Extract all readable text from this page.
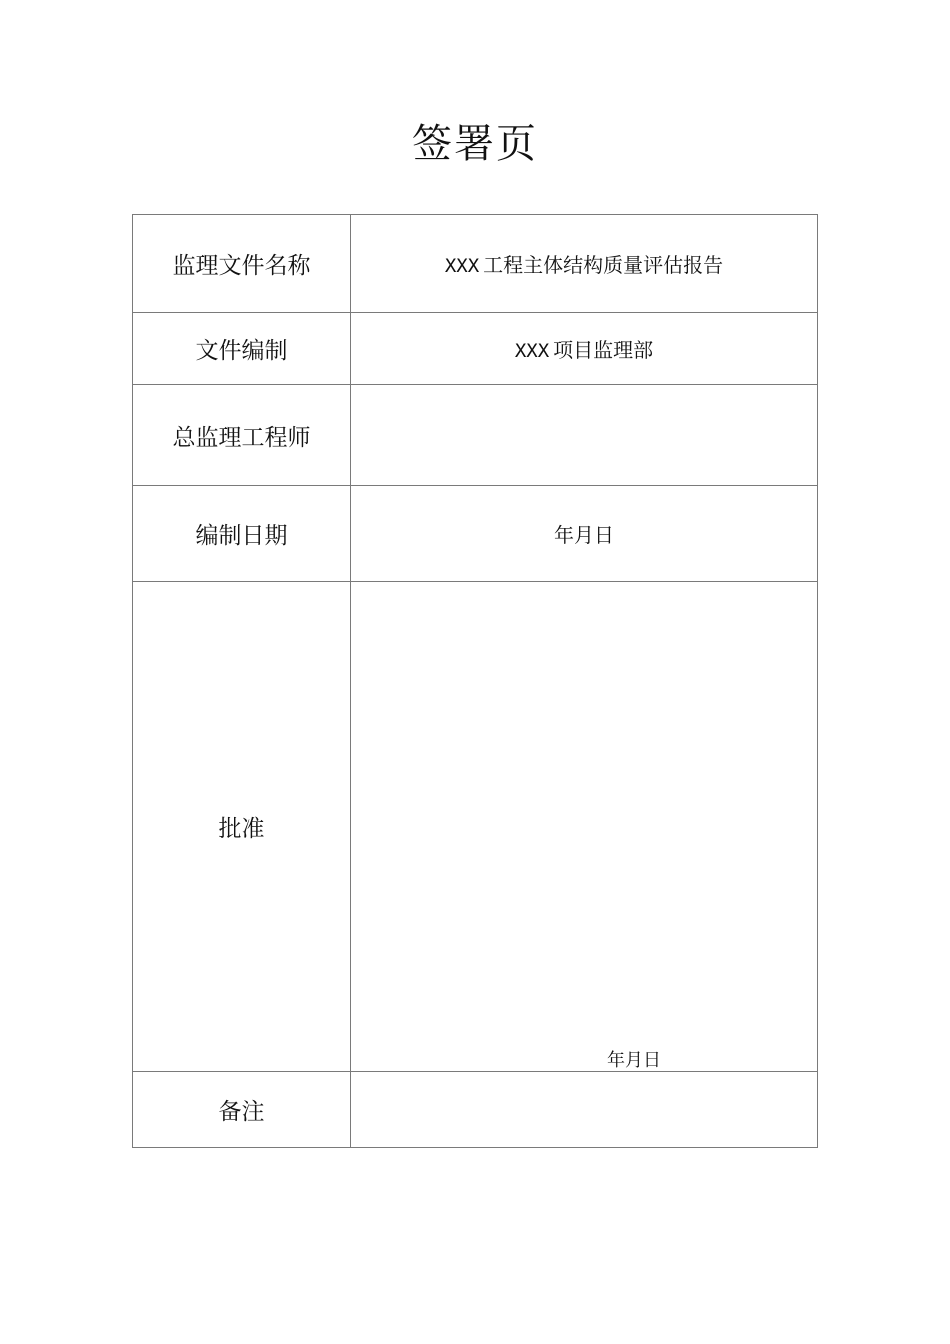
签署页
监理文件名称	XXX 工程主体结构质量评估报告
文件编制	XXX 项目监理部
总监理工程师	
编制日期	年月日
批准	年月日

备注	
